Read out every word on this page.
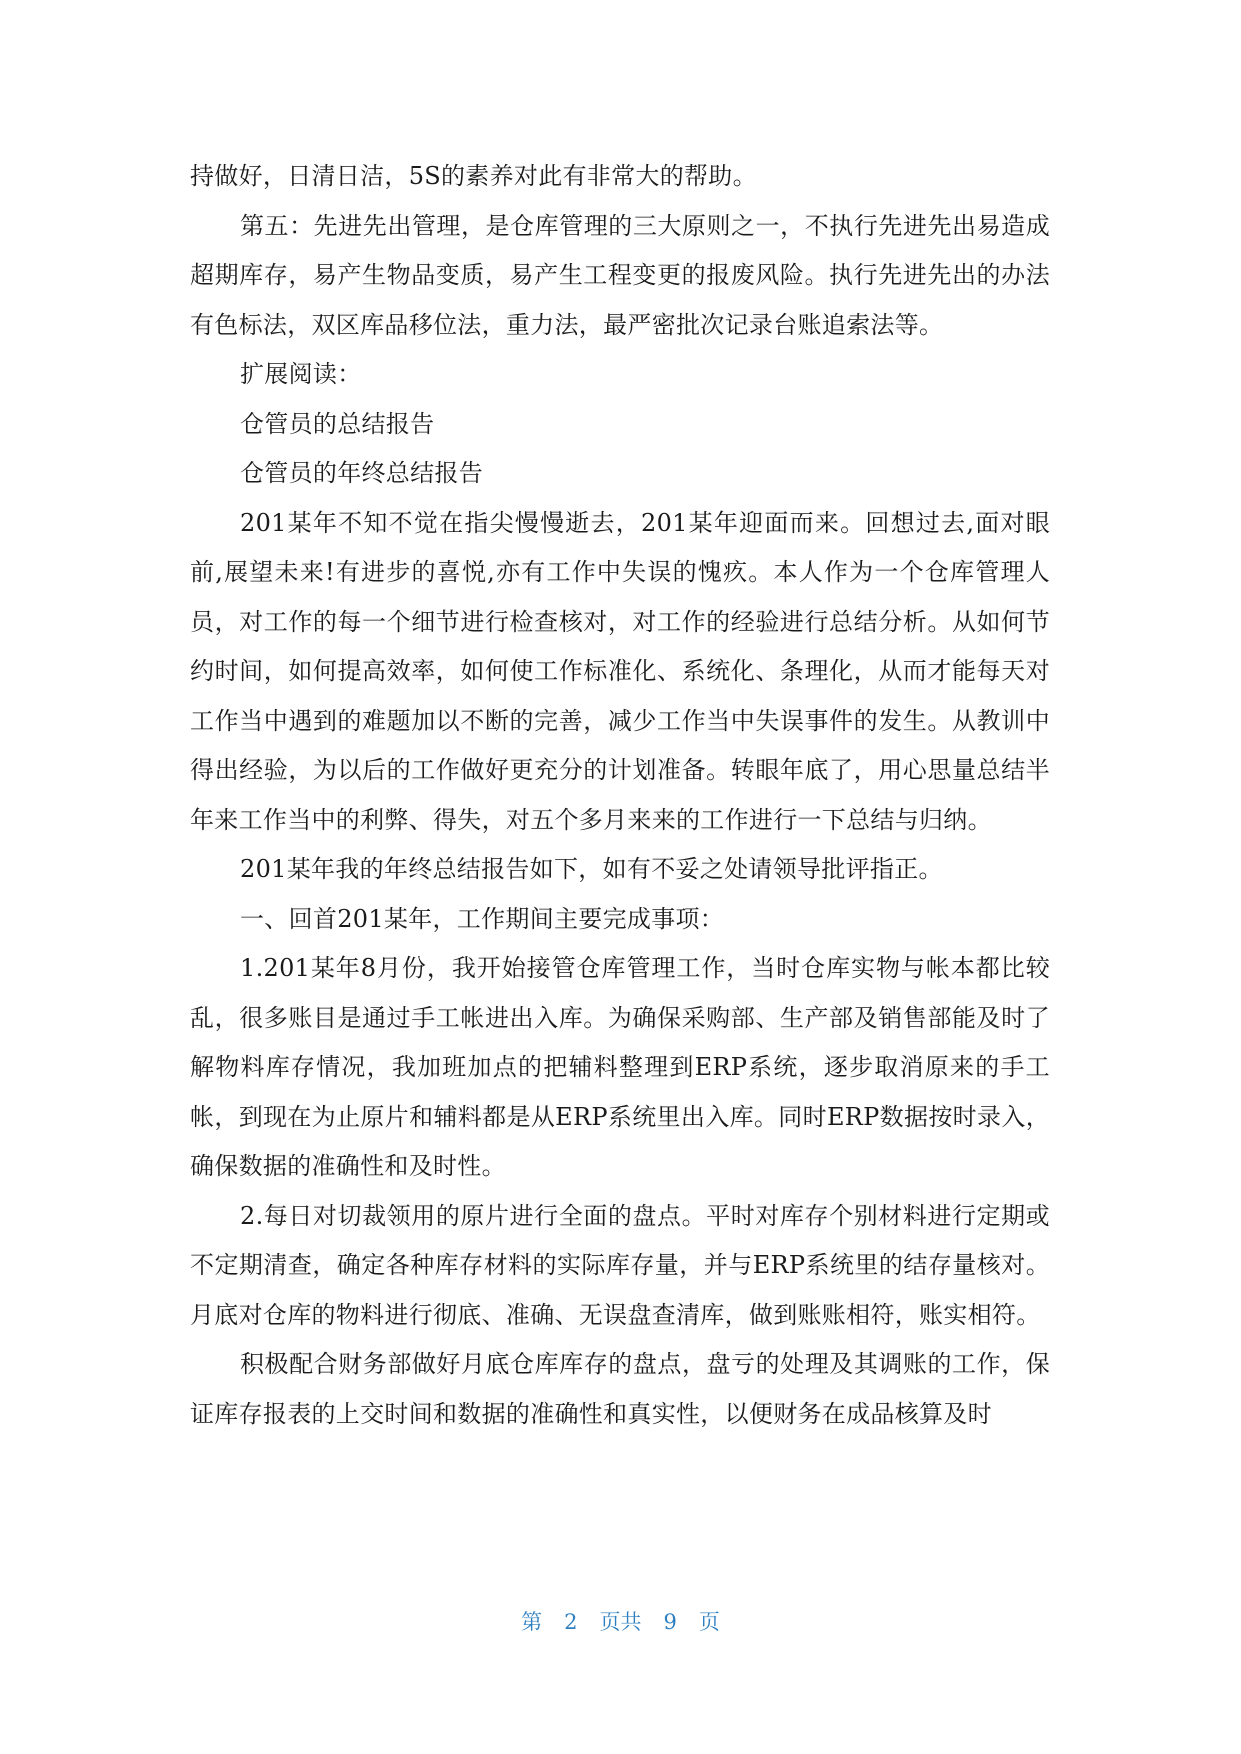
持做好，日清日洁，5S的素养对此有非常大的帮助。

第五：先进先出管理，是仓库管理的三大原则之一，不执行先进先出易造成超期库存，易产生物品变质，易产生工程变更的报废风险。执行先进先出的办法有色标法，双区库品移位法，重力法，最严密批次记录台账追索法等。

扩展阅读：

仓管员的总结报告

仓管员的年终总结报告

201某年不知不觉在指尖慢慢逝去，201某年迎面而来。回想过去,面对眼前,展望未来!有进步的喜悦,亦有工作中失误的愧疚。本人作为一个仓库管理人员，对工作的每一个细节进行检查核对，对工作的经验进行总结分析。从如何节约时间，如何提高效率，如何使工作标准化、系统化、条理化，从而才能每天对工作当中遇到的难题加以不断的完善，减少工作当中失误事件的发生。从教训中得出经验，为以后的工作做好更充分的计划准备。转眼年底了，用心思量总结半年来工作当中的利弊、得失，对五个多月来来的工作进行一下总结与归纳。

201某年我的年终总结报告如下，如有不妥之处请领导批评指正。

一、回首201某年，工作期间主要完成事项：

1.201某年8月份，我开始接管仓库管理工作，当时仓库实物与帐本都比较乱，很多账目是通过手工帐进出入库。为确保采购部、生产部及销售部能及时了解物料库存情况，我加班加点的把辅料整理到ERP系统，逐步取消原来的手工帐，到现在为止原片和辅料都是从ERP系统里出入库。同时ERP数据按时录入，确保数据的准确性和及时性。

2.每日对切裁领用的原片进行全面的盘点。平时对库存个别材料进行定期或不定期清查，确定各种库存材料的实际库存量，并与ERP系统里的结存量核对。月底对仓库的物料进行彻底、准确、无误盘查清库，做到账账相符，账实相符。

积极配合财务部做好月底仓库库存的盘点，盘亏的处理及其调账的工作，保证库存报表的上交时间和数据的准确性和真实性，以便财务在成品核算及时

第 2 页共 9 页
